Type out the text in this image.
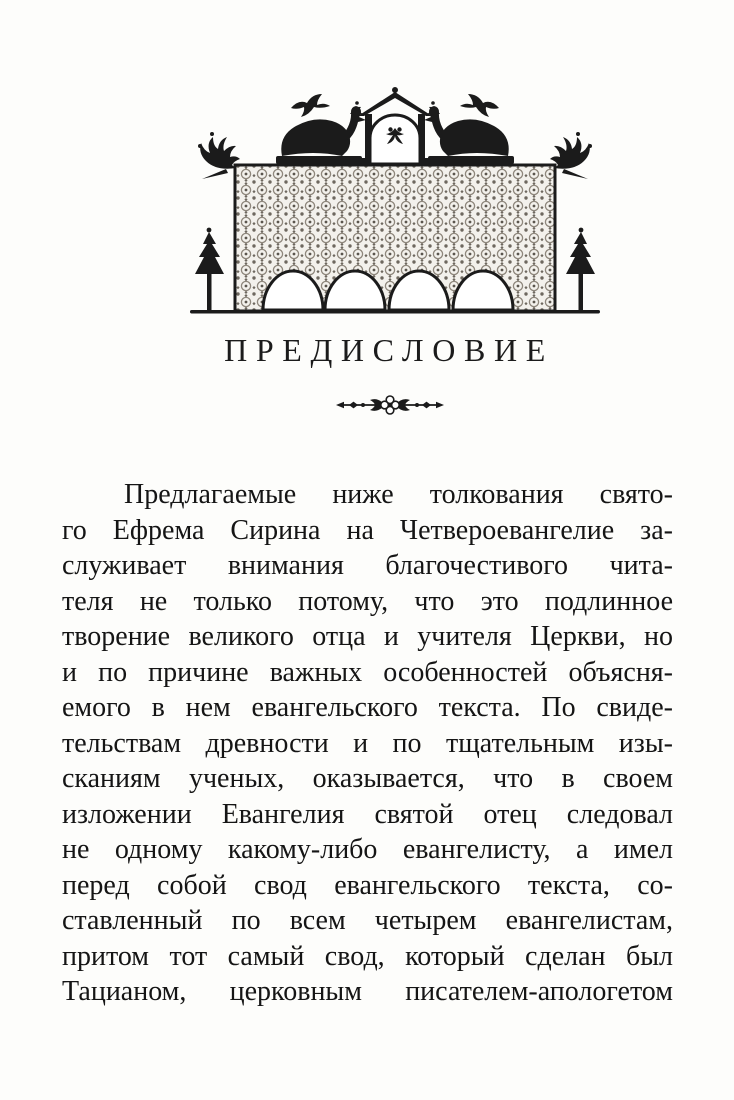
ПРЕДИСЛОВИЕ
Предлагаемые ниже толкования свято-
го Ефрема Сирина на Четвероевангелие за-
служивает внимания благочестивого чита-
теля не только потому, что это подлинное
творение великого отца и учителя Церкви, но
и по причине важных особенностей объясня-
емого в нем евангельского текста. По свиде-
тельствам древности и по тщательным изы-
сканиям ученых, оказывается, что в своем
изложении Евангелия святой отец следовал
не одному какому-либо евангелисту, а имел
перед собой свод евангельского текста, со-
ставленный по всем четырем евангелистам,
притом тот самый свод, который сделан был
Тацианом, церковным писателем-апологетом
